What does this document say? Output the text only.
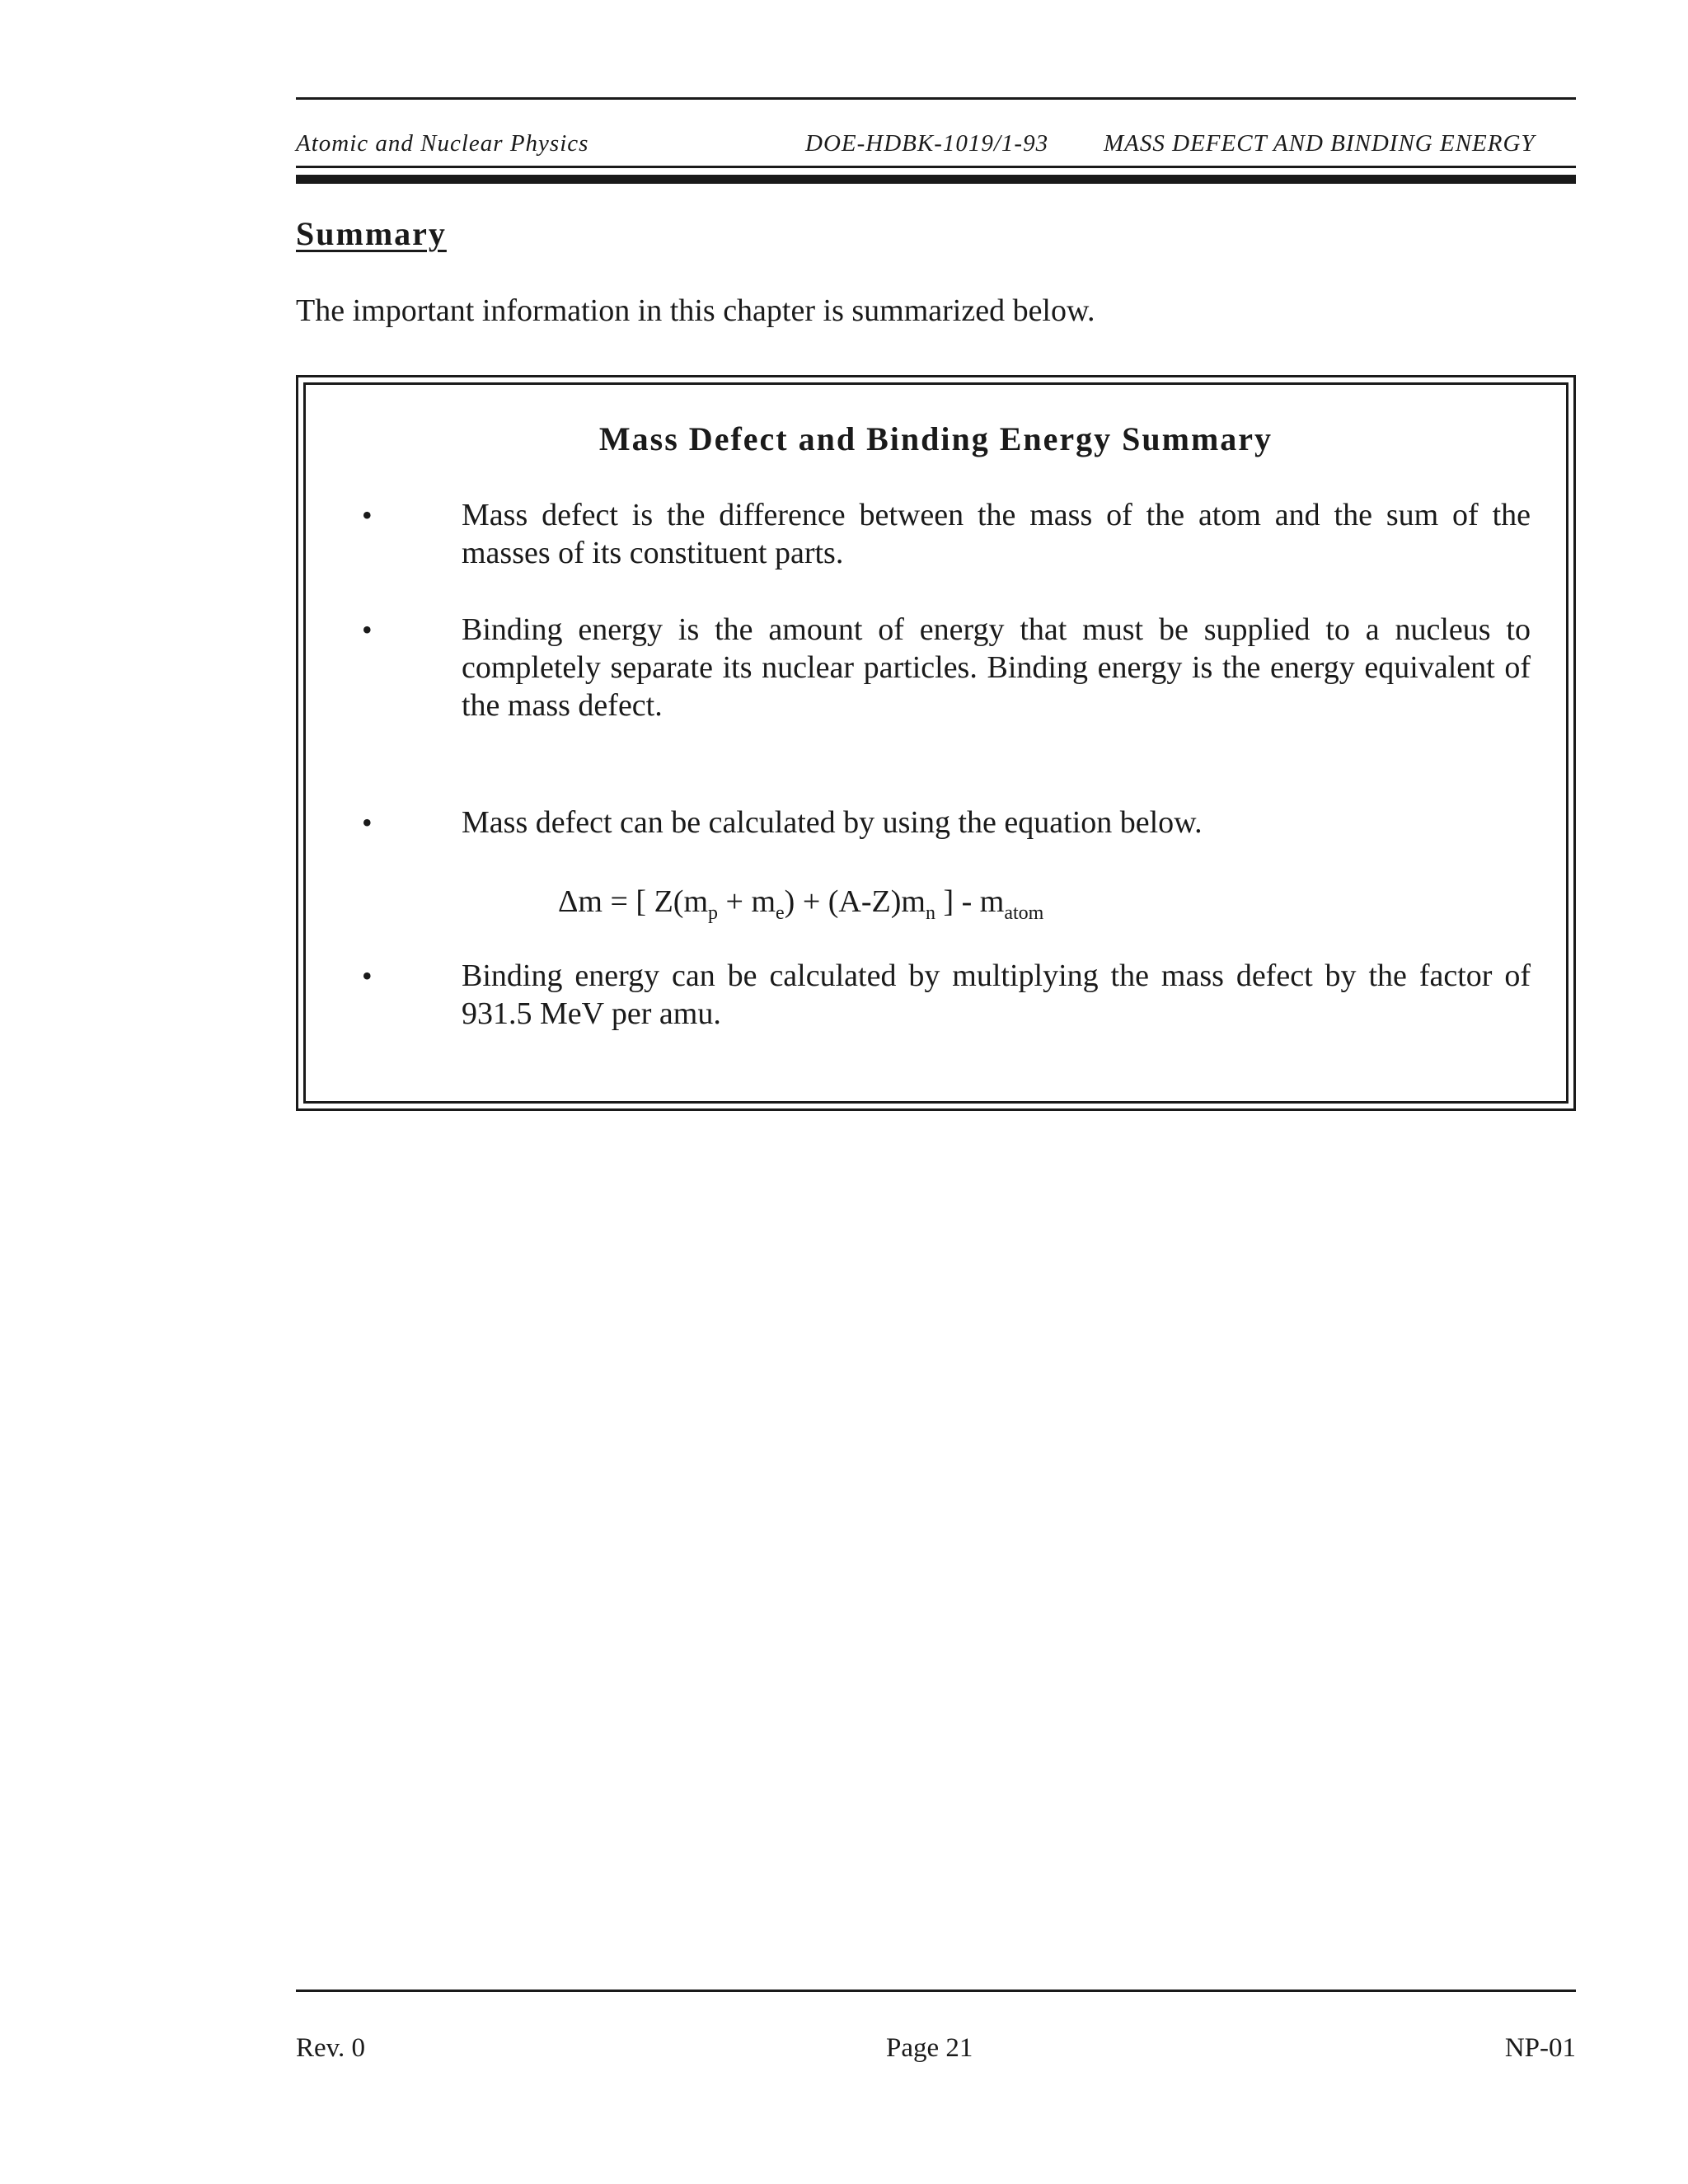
Atomic and Nuclear Physics	DOE-HDBK-1019/1-93 MASS DEFECT AND BINDING ENERGY
Summary
The important information in this chapter is summarized below.
Mass Defect and Binding Energy Summary
•	Mass defect is the difference between the mass of the atom and the sum of the masses of its constituent parts.
•	Binding energy is the amount of energy that must be supplied to a nucleus to completely separate its nuclear particles. Binding energy is the energy equivalent of the mass defect.
•	Mass defect can be calculated by using the equation below.
Δm = [ $Z(m_p + m_e) + (A-Z)m_n$ ] - $m_{atom}$
•	Binding energy can be calculated by multiplying the mass defect by the factor of 931.5 MeV per amu.
Rev. 0	Page 21	NP-01
